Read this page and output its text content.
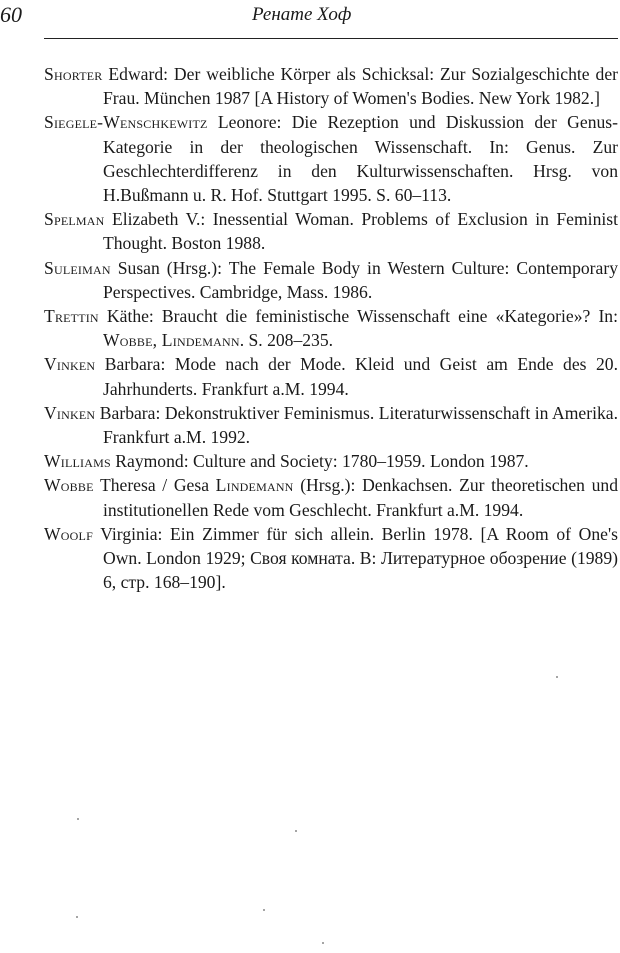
60	Ренате Хоф
Shorter Edward: Der weibliche Körper als Schicksal: Zur Sozialgeschichte der Frau. München 1987 [A History of Women's Bodies. New York 1982.]
Siegele-Wenschkewitz Leonore: Die Rezeption und Diskussion der Genus-Kategorie in der theologischen Wissenschaft. In: Genus. Zur Geschlechterdifferenz in den Kulturwissenschaften. Hrsg. von H.Bußmann u. R. Hof. Stuttgart 1995. S. 60–113.
Spelman Elizabeth V.: Inessential Woman. Problems of Exclusion in Feminist Thought. Boston 1988.
Suleiman Susan (Hrsg.): The Female Body in Western Culture: Contemporary Perspectives. Cambridge, Mass. 1986.
Trettin Käthe: Braucht die feministische Wissenschaft eine «Kategorie»? In: Wobbe, Lindemann. S. 208–235.
Vinken Barbara: Mode nach der Mode. Kleid und Geist am Ende des 20. Jahrhunderts. Frankfurt a.M. 1994.
Vinken Barbara: Dekonstruktiver Feminismus. Literaturwissenschaft in Amerika. Frankfurt a.M. 1992.
Williams Raymond: Culture and Society: 1780–1959. London 1987.
Wobbe Theresa / Gesa Lindemann (Hrsg.): Denkachsen. Zur theoretischen und institutionellen Rede vom Geschlecht. Frankfurt a.M. 1994.
Woolf Virginia: Ein Zimmer für sich allein. Berlin 1978. [A Room of One's Own. London 1929; Своя комната. В: Литературное обозрение (1989) 6, стр. 168–190].
